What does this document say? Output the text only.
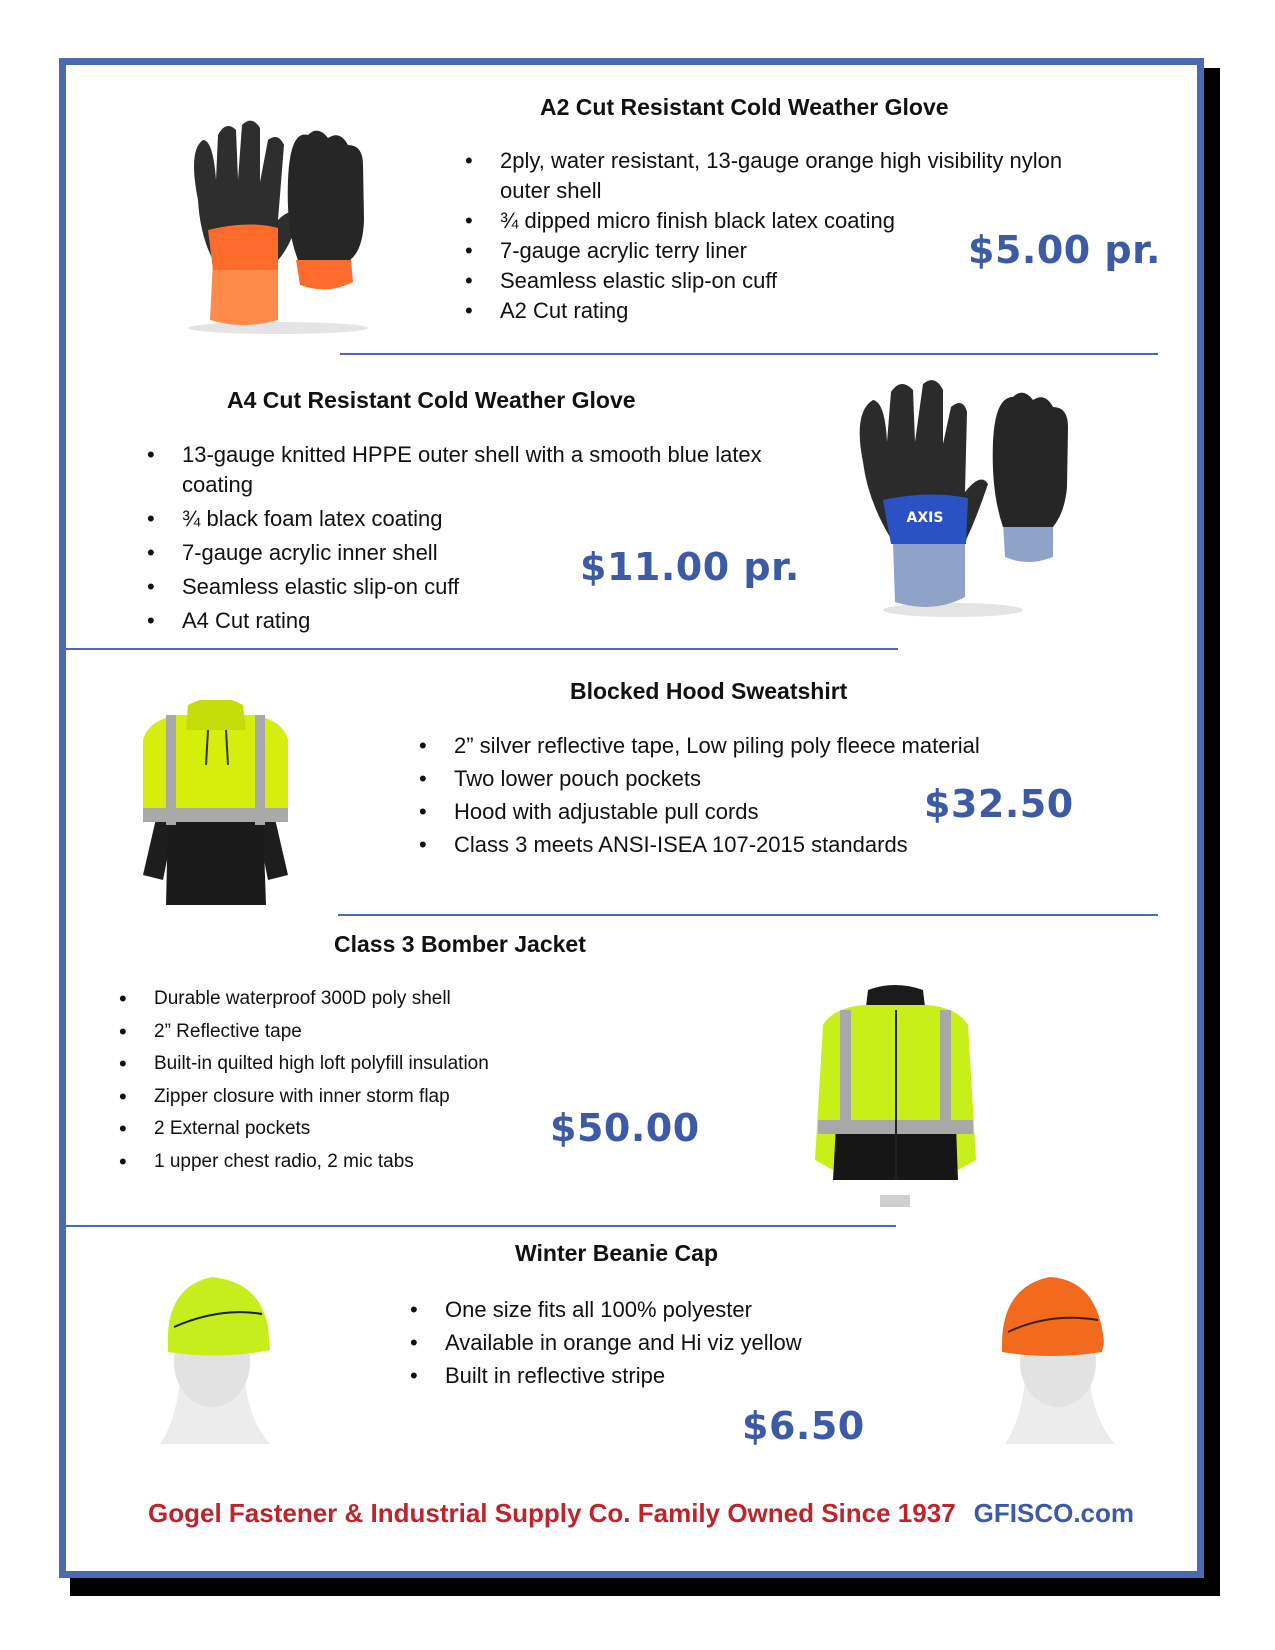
A2 Cut Resistant Cold Weather Glove
• 2ply, water resistant, 13-gauge orange high visibility nylon outer shell
• ¾ dipped micro finish black latex coating
• 7-gauge acrylic terry liner
• Seamless elastic slip-on cuff
• A2 Cut rating
$5.00 pr.
A4 Cut Resistant Cold Weather Glove
• 13-gauge knitted HPPE outer shell with a smooth blue latex coating
• ¾ black foam latex coating
• 7-gauge acrylic inner shell
• Seamless elastic slip-on cuff
• A4 Cut rating
$11.00 pr.
AXIS
Blocked Hood Sweatshirt
• 2” silver reflective tape, Low piling poly fleece material
• Two lower pouch pockets
• Hood with adjustable pull cords
• Class 3 meets ANSI-ISEA 107-2015 standards
$32.50
Class 3 Bomber Jacket
• Durable waterproof 300D poly shell
• 2” Reflective tape
• Built-in quilted high loft polyfill insulation
• Zipper closure with inner storm flap
• 2 External pockets
• 1 upper chest radio, 2 mic tabs
$50.00
Winter Beanie Cap
• One size fits all 100% polyester
• Available in orange and Hi viz yellow
• Built in reflective stripe
$6.50
Gogel Fastener & Industrial Supply Co. Family Owned Since 1937 GFISCO.com
